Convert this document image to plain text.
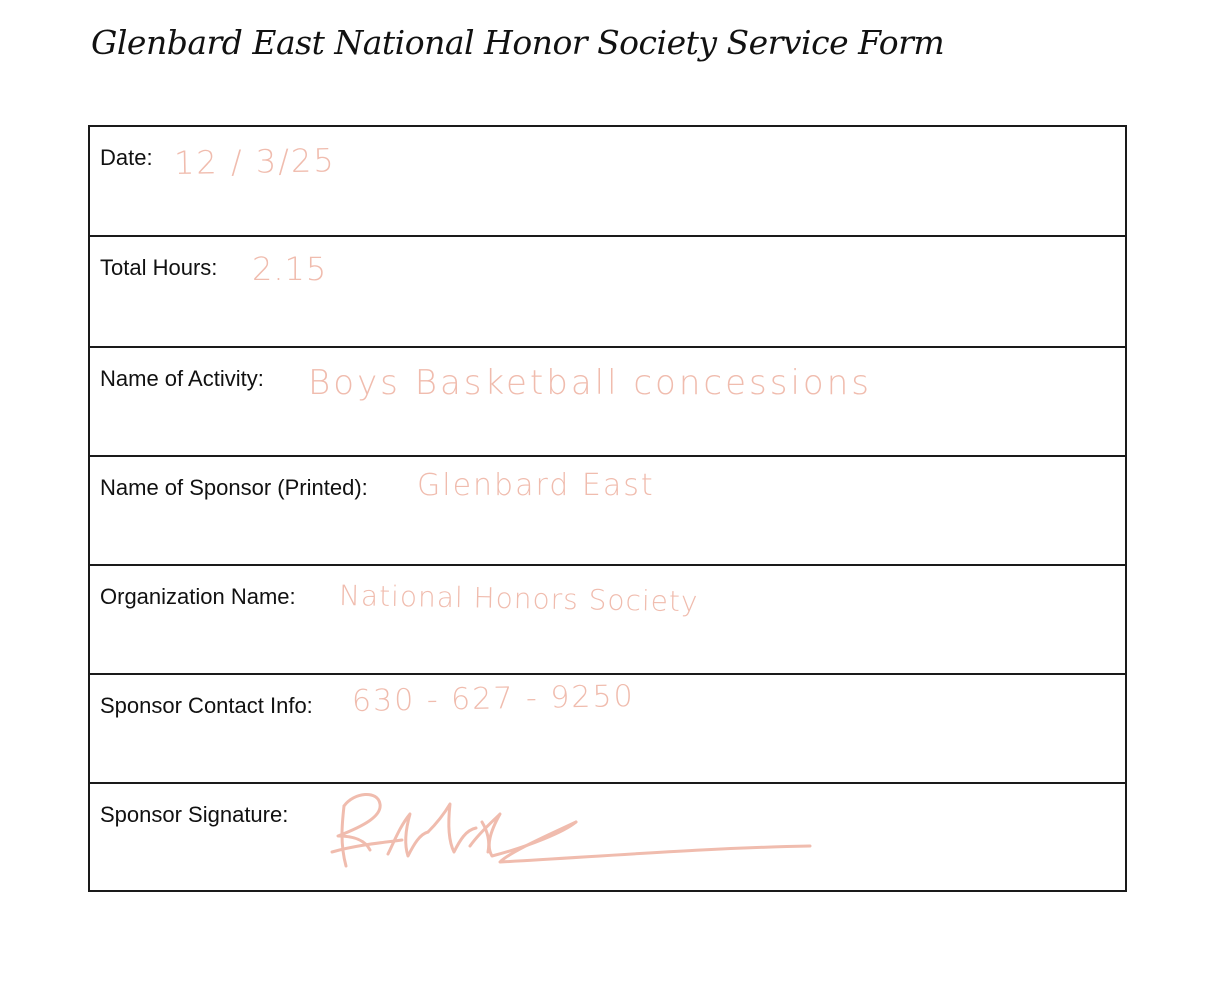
Glenbard East National Honor Society Service Form
Date: 12 / 3/25
Total Hours: 2.15
Name of Activity: Boys Basketball concessions
Name of Sponsor (Printed): Glenbard East
Organization Name: National Honors Society
Sponsor Contact Info: 630 - 627 - 9250
Sponsor Signature:
